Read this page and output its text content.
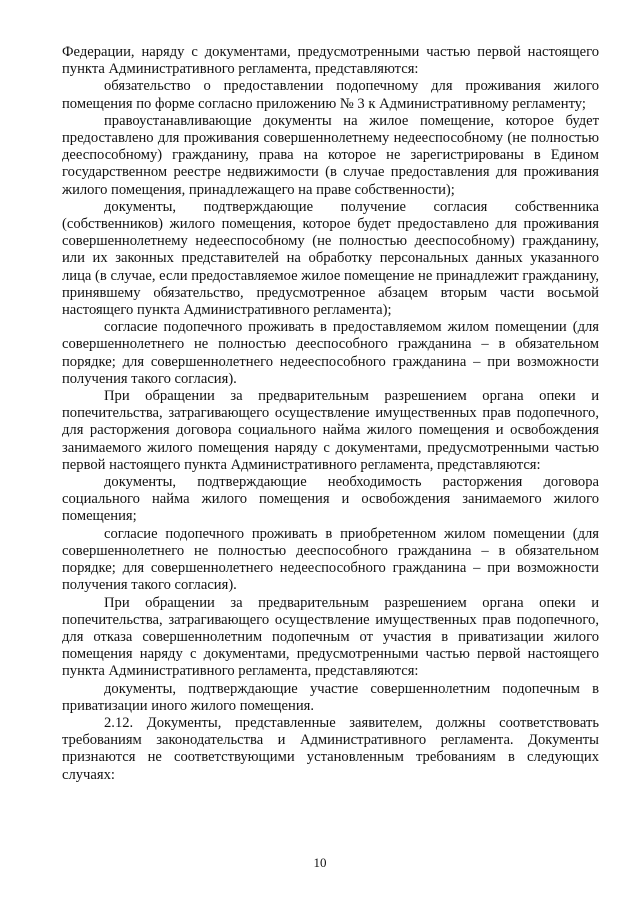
Федерации, наряду с документами, предусмотренными частью первой настоящего пункта Административного регламента, представляются:

обязательство о предоставлении подопечному для проживания жилого помещения по форме согласно приложению № 3 к Административному регламенту;

правоустанавливающие документы на жилое помещение, которое будет предоставлено для проживания совершеннолетнему недееспособному (не полностью дееспособному) гражданину, права на которое не зарегистрированы в Едином государственном реестре недвижимости (в случае предоставления для проживания жилого помещения, принадлежащего на праве собственности);

документы, подтверждающие получение согласия собственника (собственников) жилого помещения, которое будет предоставлено для проживания совершеннолетнему недееспособному (не полностью дееспособному) гражданину, или их законных представителей на обработку персональных данных указанного лица (в случае, если предоставляемое жилое помещение не принадлежит гражданину, принявшему обязательство, предусмотренное абзацем вторым части восьмой настоящего пункта Административного регламента);

согласие подопечного проживать в предоставляемом жилом помещении (для совершеннолетнего не полностью дееспособного гражданина – в обязательном порядке; для совершеннолетнего недееспособного гражданина – при возможности получения такого согласия).

При обращении за предварительным разрешением органа опеки и попечительства, затрагивающего осуществление имущественных прав подопечного, для расторжения договора социального найма жилого помещения и освобождения занимаемого жилого помещения наряду с документами, предусмотренными частью первой настоящего пункта Административного регламента, представляются:

документы, подтверждающие необходимость расторжения договора социального найма жилого помещения и освобождения занимаемого жилого помещения;

согласие подопечного проживать в приобретенном жилом помещении (для совершеннолетнего не полностью дееспособного гражданина – в обязательном порядке; для совершеннолетнего недееспособного гражданина – при возможности получения такого согласия).

При обращении за предварительным разрешением органа опеки и попечительства, затрагивающего осуществление имущественных прав подопечного, для отказа совершеннолетним подопечным от участия в приватизации жилого помещения наряду с документами, предусмотренными частью первой настоящего пункта Административного регламента, представляются:

документы, подтверждающие участие совершеннолетним подопечным в приватизации иного жилого помещения.

2.12. Документы, представленные заявителем, должны соответствовать требованиям законодательства и Административного регламента. Документы признаются не соответствующими установленным требованиям в следующих случаях:

10
